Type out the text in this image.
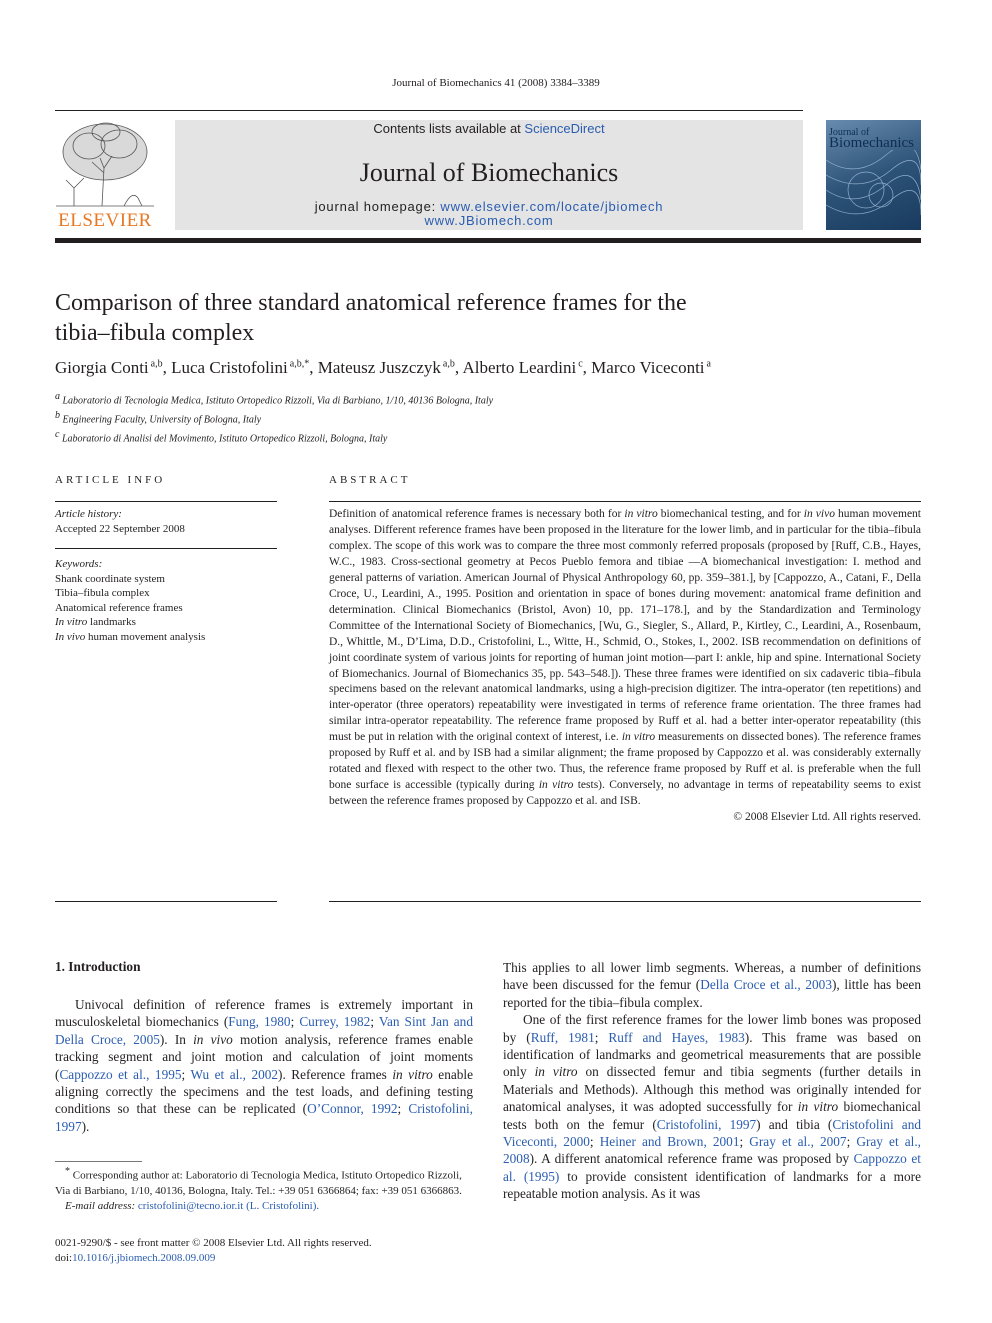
Journal of Biomechanics 41 (2008) 3384–3389
ELSEVIER
Contents lists available at ScienceDirect
Journal of Biomechanics
journal homepage: www.elsevier.com/locate/jbiomech
www.JBiomech.com
Journal of
Biomechanics
Comparison of three standard anatomical reference frames for the
tibia–fibula complex
Giorgia Conti $^{a,b}$, Luca Cristofolini $^{a,b,*}$, Mateusz Juszczyk $^{a,b}$, Alberto Leardini $^c$, Marco Viceconti $^a$
$^a$ Laboratorio di Tecnologia Medica, Istituto Ortopedico Rizzoli, Via di Barbiano, 1/10, 40136 Bologna, Italy
$^b$ Engineering Faculty, University of Bologna, Italy
$^c$ Laboratorio di Analisi del Movimento, Istituto Ortopedico Rizzoli, Bologna, Italy
ARTICLE INFO
Article history:
Accepted 22 September 2008
Keywords:
Shank coordinate system
Tibia–fibula complex
Anatomical reference frames
In vitro landmarks
In vivo human movement analysis
ABSTRACT
Definition of anatomical reference frames is necessary both for in vitro biomechanical testing, and for in vivo human movement analyses. Different reference frames have been proposed in the literature for the lower limb, and in particular for the tibia–fibula complex. The scope of this work was to compare the three most commonly referred proposals (proposed by [Ruff, C.B., Hayes, W.C., 1983. Cross-sectional geometry at Pecos Pueblo femora and tibiae —A biomechanical investigation: I. method and general patterns of variation. American Journal of Physical Anthropology 60, pp. 359–381.], by [Cappozzo, A., Catani, F., Della Croce, U., Leardini, A., 1995. Position and orientation in space of bones during movement: anatomical frame definition and determination. Clinical Biomechanics (Bristol, Avon) 10, pp. 171–178.], and by the Standardization and Terminology Committee of the International Society of Biomechanics, [Wu, G., Siegler, S., Allard, P., Kirtley, C., Leardini, A., Rosenbaum, D., Whittle, M., D’Lima, D.D., Cristofolini, L., Witte, H., Schmid, O., Stokes, I., 2002. ISB recommendation on definitions of joint coordinate system of various joints for reporting of human joint motion—part I: ankle, hip and spine. International Society of Biomechanics. Journal of Biomechanics 35, pp. 543–548.]). These three frames were identified on six cadaveric tibia–fibula specimens based on the relevant anatomical landmarks, using a high-precision digitizer. The intra-operator (ten repetitions) and inter-operator (three operators) repeatability were investigated in terms of reference frame orientation. The three frames had similar intra-operator repeatability. The reference frame proposed by Ruff et al. had a better inter-operator repeatability (this must be put in relation with the original context of interest, i.e. in vitro measurements on dissected bones). The reference frames proposed by Ruff et al. and by ISB had a similar alignment; the frame proposed by Cappozzo et al. was considerably externally rotated and flexed with respect to the other two. Thus, the reference frame proposed by Ruff et al. is preferable when the full bone surface is accessible (typically during in vitro tests). Conversely, no advantage in terms of repeatability seems to exist between the reference frames proposed by Cappozzo et al. and ISB.
© 2008 Elsevier Ltd. All rights reserved.
1. Introduction
Univocal definition of reference frames is extremely important in musculoskeletal biomechanics (Fung, 1980; Currey, 1982; Van Sint Jan and Della Croce, 2005). In in vivo motion analysis, reference frames enable tracking segment and joint motion and calculation of joint moments (Cappozzo et al., 1995; Wu et al., 2002). Reference frames in vitro enable aligning correctly the specimens and the test loads, and defining testing conditions so that these can be replicated (O’Connor, 1992; Cristofolini, 1997).
This applies to all lower limb segments. Whereas, a number of definitions have been discussed for the femur (Della Croce et al., 2003), little has been reported for the tibia–fibula complex.
One of the first reference frames for the lower limb bones was proposed by (Ruff, 1981; Ruff and Hayes, 1983). This frame was based on identification of landmarks and geometrical measurements that are possible only in vitro on dissected femur and tibia segments (further details in Materials and Methods). Although this method was originally intended for anatomical analyses, it was adopted successfully for in vitro biomechanical tests both on the femur (Cristofolini, 1997) and tibia (Cristofolini and Viceconti, 2000; Heiner and Brown, 2001; Gray et al., 2007; Gray et al., 2008). A different anatomical reference frame was proposed by Cappozzo et al. (1995) to provide consistent identification of landmarks for a more repeatable motion analysis. As it was
* Corresponding author at: Laboratorio di Tecnologia Medica, Istituto Ortopedico Rizzoli, Via di Barbiano, 1/10, 40136, Bologna, Italy. Tel.: +39 051 6366864; fax: +39 051 6366863.
E-mail address: cristofolini@tecno.ior.it (L. Cristofolini).
0021-9290/$ - see front matter © 2008 Elsevier Ltd. All rights reserved.
doi:10.1016/j.jbiomech.2008.09.009
